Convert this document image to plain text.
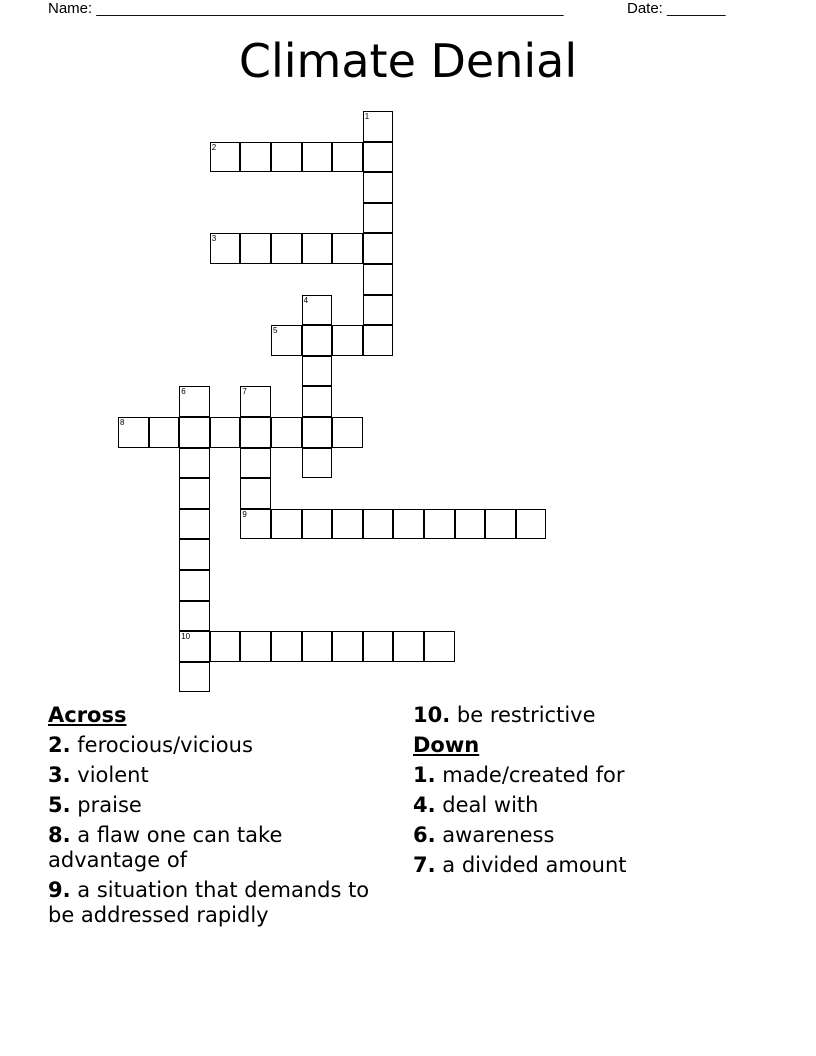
Name: ________________________________________________________	Date: _______
Climate Denial
1
2
3
4
5
6
10
7
9
8
Across
2. ferocious/vicious
3. violent
5. praise
8. a flaw one can take advantage of
9. a situation that demands to be addressed rapidly
10. be restrictive
Down
1. made/created for
4. deal with
6. awareness
7. a divided amount
